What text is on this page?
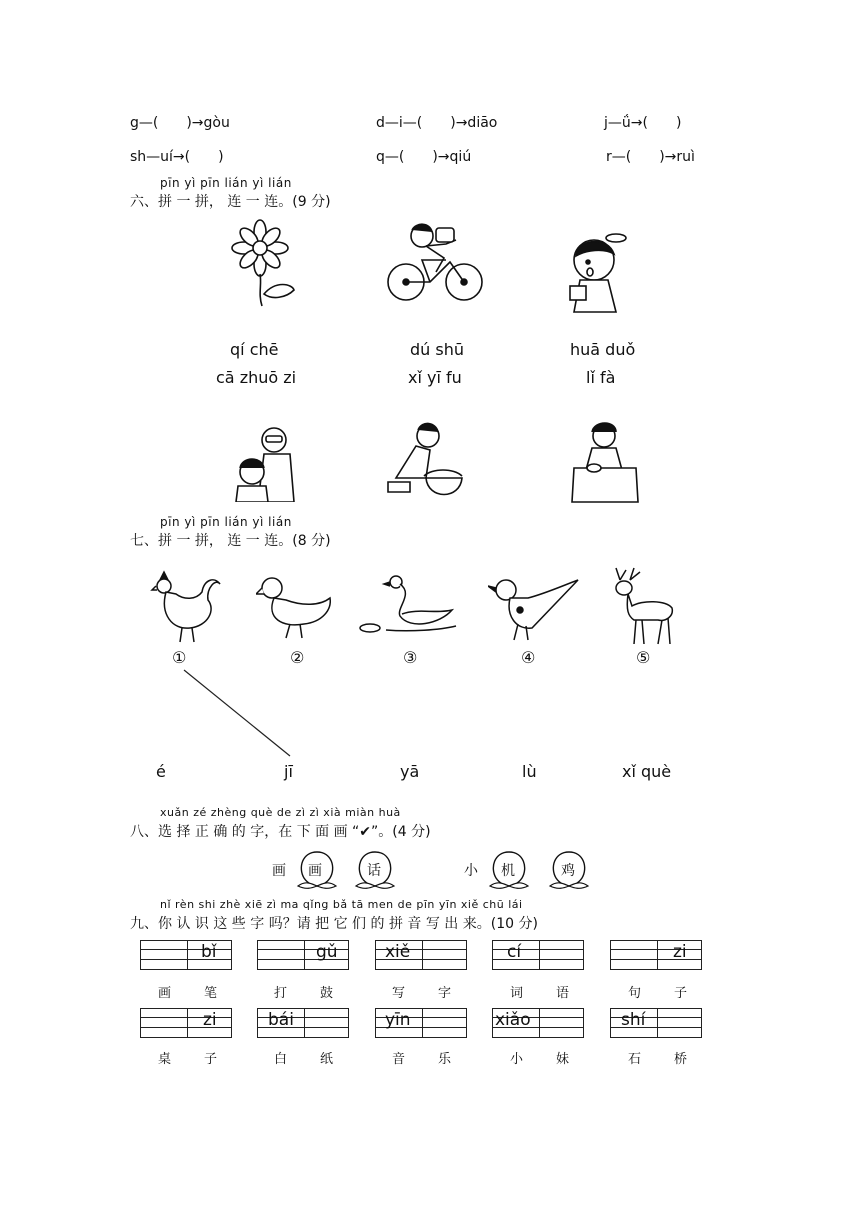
g—(　　)→gòu	d—i—(　　)→diāo	j—ǘ→(　　)
sh—uí→(　　)	q—(　　)→qiú	r—(　　)→ruì
pīn yì pīn lián yì lián
六、拼 一 拼， 连 一 连。(9 分)
qí chē	dú shū	huā duǒ
cā zhuō zi	xǐ yī fu	lǐ fà
pīn yì pīn lián yì lián
七、拼 一 拼， 连 一 连。(8 分)
①	②	③	④	⑤
é	jī	yā	lù	xǐ què
xuǎn zé zhèng què de zì zì xià miàn huà
八、选 择 正 确 的 字，在 下 面 画 “✔”。(4 分)
画 画	话	小 机	鸡
nǐ rèn shi zhè xiē zì ma qǐng bǎ tā men de pīn yīn xiě chū lái
九、你 认 识 这 些 字 吗？请 把 它 们 的 拼 音 写 出 来。(10 分)
bǐ	gǔ	xiě	cí	zi
画	笔	打	鼓	写	字	词	语	句	子
zi	bái	yīn	xiǎo	shí
桌	子	白	纸	音	乐	小	妹	石	桥
